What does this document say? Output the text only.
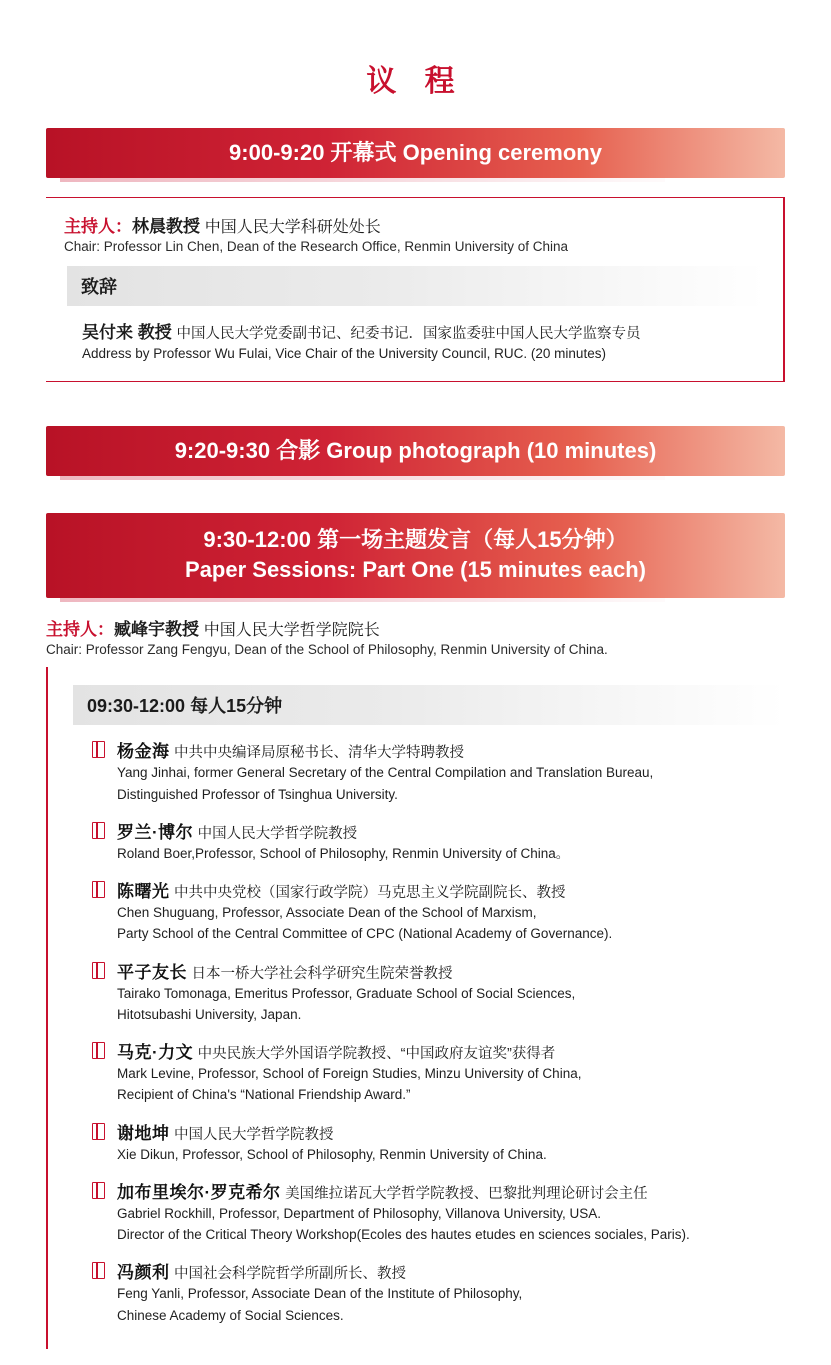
议 程
9:00-9:20 开幕式 Opening ceremony

主持人：林晨教授 中国人民大学科研处处长

Chair: Professor Lin Chen, Dean of the Research Office, Renmin University of China

致辞

吴付来 教授 中国人民大学党委副书记、纪委书记．国家监委驻中国人民大学监察专员

Address by Professor Wu Fulai, Vice Chair of the University Council, RUC. (20 minutes)

9:20-9:30 合影 Group photograph (10 minutes)
9:30-12:00 第一场主题发言（每人15分钟）
Paper Sessions: Part One (15 minutes each)

主持人：臧峰宇教授 中国人民大学哲学院院长

Chair: Professor Zang Fengyu, Dean of the School of Philosophy, Renmin University of China.

09:30-12:00 每人15分钟
杨金海 中共中央编译局原秘书长、清华大学特聘教授
Yang Jinhai, former General Secretary of the Central Compilation and Translation Bureau,
Distinguished Professor of Tsinghua University.
罗兰·博尔 中国人民大学哲学院教授
Roland Boer,Professor, School of Philosophy, Renmin University of China。
陈曙光 中共中央党校（国家行政学院）马克思主义学院副院长、教授
Chen Shuguang, Professor, Associate Dean of the School of Marxism,
Party School of the Central Committee of CPC (National Academy of Governance).
平子友长 日本一桥大学社会科学研究生院荣誉教授
Tairako Tomonaga, Emeritus Professor, Graduate School of Social Sciences,
Hitotsubashi University, Japan.
马克·力文 中央民族大学外国语学院教授、“中国政府友谊奖”获得者
Mark Levine, Professor, School of Foreign Studies, Minzu University of China,
Recipient of China's “National Friendship Award.”
谢地坤 中国人民大学哲学院教授
Xie Dikun, Professor, School of Philosophy, Renmin University of China.
加布里埃尔·罗克希尔 美国维拉诺瓦大学哲学院教授、巴黎批判理论研讨会主任
Gabriel Rockhill, Professor, Department of Philosophy, Villanova University, USA.
Director of the Critical Theory Workshop(Ecoles des hautes etudes en sciences sociales, Paris).
冯颜利 中国社会科学院哲学所副所长、教授
Feng Yanli, Professor, Associate Dean of the Institute of Philosophy,
Chinese Academy of Social Sciences.
